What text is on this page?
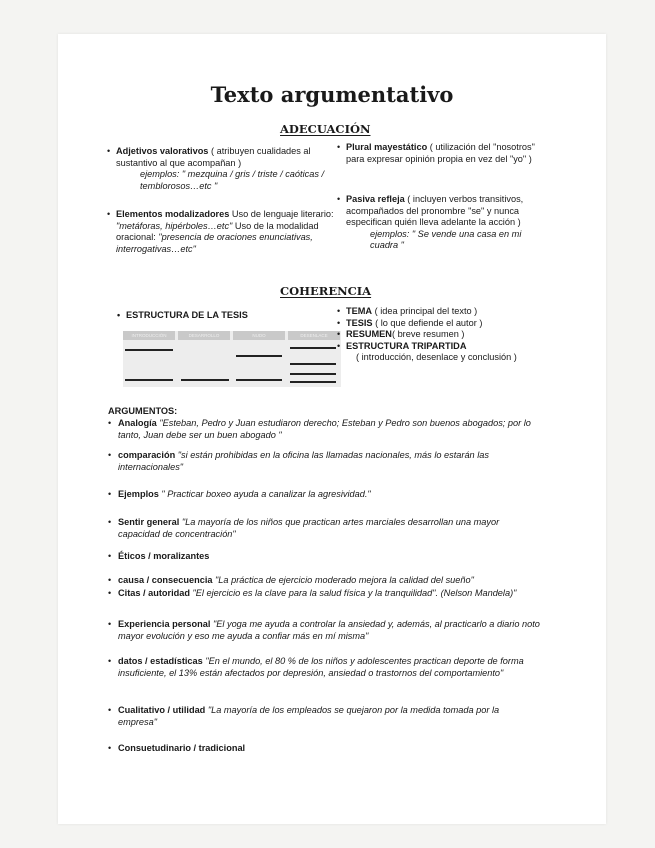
Texto argumentativo
ADECUACIÓN
• Adjetivos valorativos ( atribuyen cualidades al sustantivo al que acompañan )
ejemplos: " mezquina / gris / triste / caóticas / temblorosos…etc "
• Elementos modalizadores Uso de lenguaje literario: "metáforas, hipérboles…etc" Uso de la modalidad oracional: "presencia de oraciones enunciativas, interrogativas…etc"
• Plural mayestático ( utilización del "nosotros" para expresar opinión propia en vez del "yo" )
• Pasiva refleja ( incluyen verbos transitivos, acompañados del pronombre "se" y nunca especifican quién lleva adelante la acción )
ejemplos: " Se vende una casa en mi cuadra "
COHERENCIA
• ESTRUCTURA DE LA TESIS
INTRODUCCIÓN	DESARROLLO	NUDO	DESENLACE
• TEMA ( idea principal del texto )
• TESIS ( lo que defiende el autor )
• RESUMEN( breve resumen )
• ESTRUCTURA TRIPARTIDA
( introducción, desenlace y conclusión )
ARGUMENTOS:
• Analogía "Esteban, Pedro y Juan estudiaron derecho; Esteban y Pedro son buenos abogados; por lo tanto, Juan debe ser un buen abogado "
• comparación "si están prohibidas en la oficina las llamadas nacionales, más lo estarán las internacionales"
• Ejemplos " Practicar boxeo ayuda a canalizar la agresividad."
• Sentir general "La mayoría de los niños que practican artes marciales desarrollan una mayor capacidad de concentración"
• Éticos / moralizantes
• causa / consecuencia "La práctica de ejercicio moderado mejora la calidad del sueño"
• Citas / autoridad "El ejercicio es la clave para la salud física y la tranquilidad". (Nelson Mandela)"
• Experiencia personal "El yoga me ayuda a controlar la ansiedad y, además, al practicarlo a diario noto mayor evolución y eso me ayuda a confiar más en mí misma"
• datos / estadísticas "En el mundo, el 80 % de los niños y adolescentes practican deporte de forma insuficiente, el 13% están afectados por depresión, ansiedad o trastornos del comportamiento"
• Cualitativo / utilidad "La mayoría de los empleados se quejaron por la medida tomada por la empresa"
• Consuetudinario / tradicional
